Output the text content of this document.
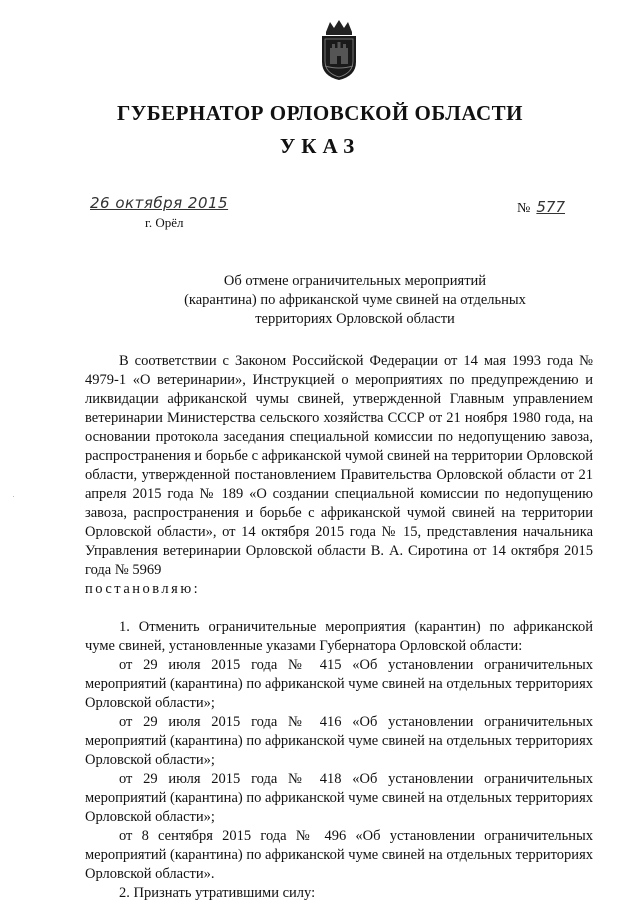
ГУБЕРНАТОР ОРЛОВСКОЙ ОБЛАСТИ
УКАЗ
26 октября 2015
г. Орёл
№ 577
Об отмене ограничительных мероприятий
(карантина) по африканской чуме свиней на отдельных
территориях Орловской области

В соответствии с Законом Российской Федерации от 14 мая 1993 года № 4979-1 «О ветеринарии», Инструкцией о мероприятиях по предупреждению и ликвидации африканской чумы свиней, утвержденной Главным управлением ветеринарии Министерства сельского хозяйства СССР от 21 ноября 1980 года, на основании протокола заседания специальной комиссии по недопущению завоза, распространения и борьбе с африканской чумой свиней на территории Орловской области, утвержденной постановлением Правительства Орловской области от 21 апреля 2015 года № 189 «О создании специальной комиссии по недопущению завоза, распространения и борьбе с африканской чумой свиней на территории Орловской области», от 14 октября 2015 года № 15, представления начальника Управления ветеринарии Орловской области В. А. Сиротина от 14 октября 2015 года № 5969

постановляю:

1. Отменить ограничительные мероприятия (карантин) по африканской чуме свиней, установленные указами Губернатора Орловской области:

от 29 июля 2015 года № 415 «Об установлении ограничительных мероприятий (карантина) по африканской чуме свиней на отдельных территориях Орловской области»;

от 29 июля 2015 года № 416 «Об установлении ограничительных мероприятий (карантина) по африканской чуме свиней на отдельных территориях Орловской области»;

от 29 июля 2015 года № 418 «Об установлении ограничительных мероприятий (карантина) по африканской чуме свиней на отдельных территориях Орловской области»;

от 8 сентября 2015 года № 496 «Об установлении ограничительных мероприятий (карантина) по африканской чуме свиней на отдельных территориях Орловской области».

2. Признать утратившими силу:
